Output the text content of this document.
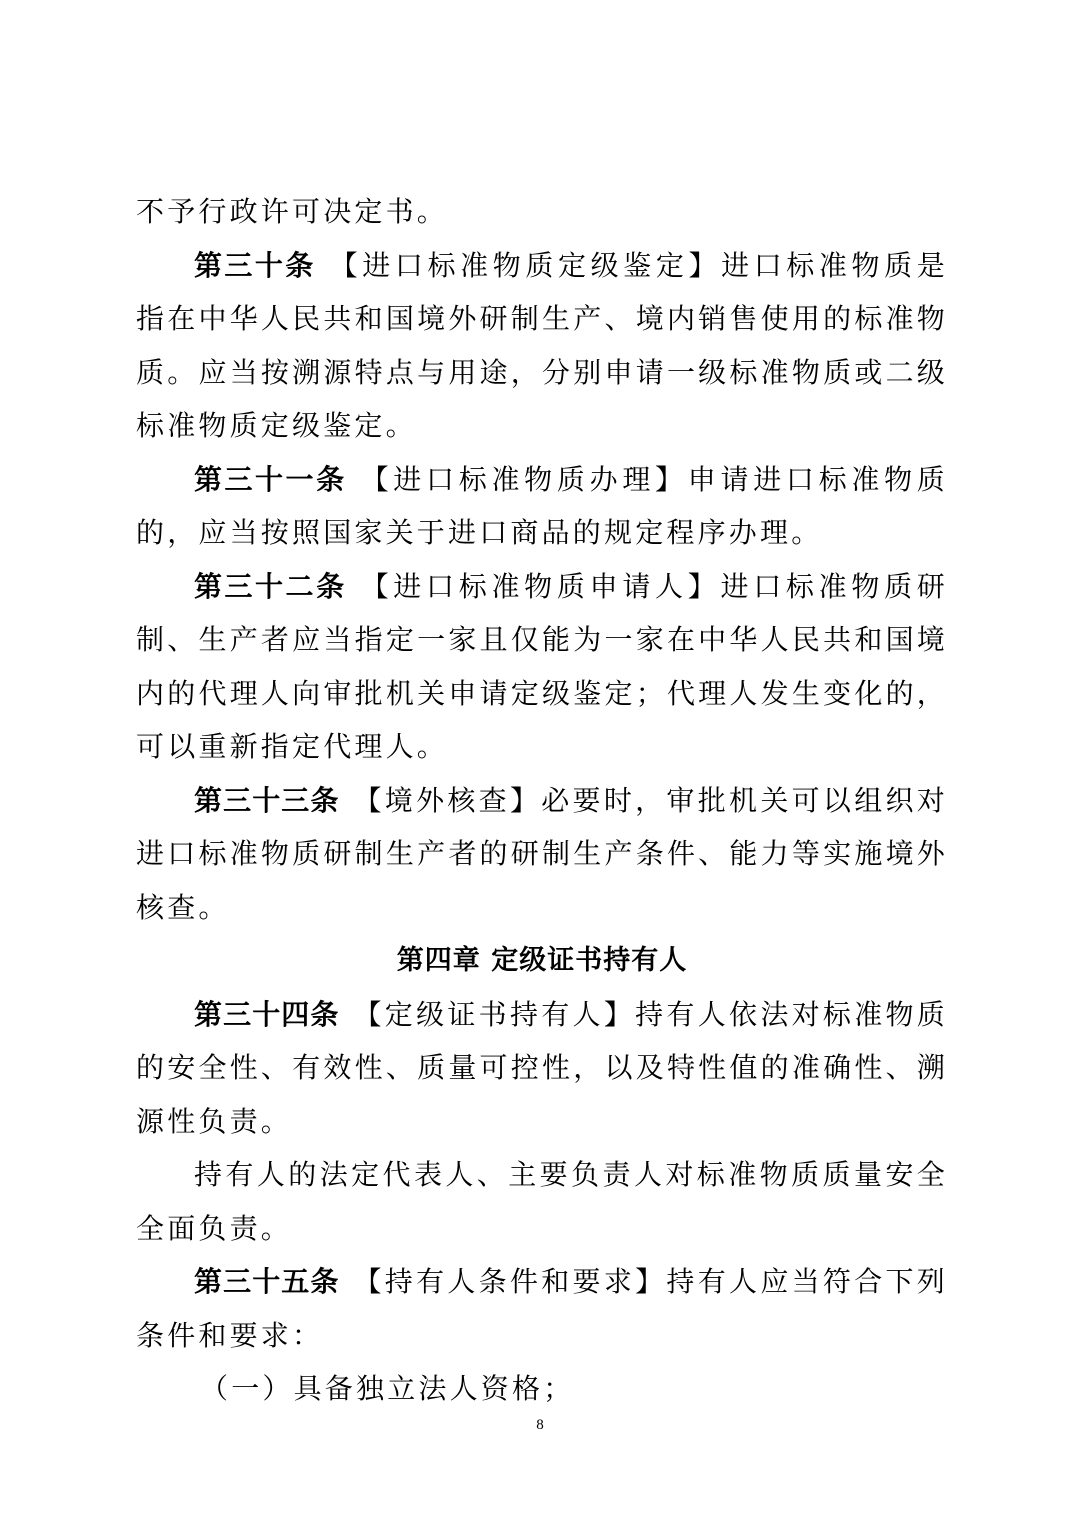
不予行政许可决定书。

第三十条 【进口标准物质定级鉴定】进口标准物质是指在中华人民共和国境外研制生产、境内销售使用的标准物质。应当按溯源特点与用途，分别申请一级标准物质或二级标准物质定级鉴定。

第三十一条 【进口标准物质办理】申请进口标准物质的，应当按照国家关于进口商品的规定程序办理。

第三十二条 【进口标准物质申请人】进口标准物质研制、生产者应当指定一家且仅能为一家在中华人民共和国境内的代理人向审批机关申请定级鉴定；代理人发生变化的，可以重新指定代理人。

第三十三条 【境外核查】必要时，审批机关可以组织对进口标准物质研制生产者的研制生产条件、能力等实施境外核查。

第四章 定级证书持有人

第三十四条 【定级证书持有人】持有人依法对标准物质的安全性、有效性、质量可控性，以及特性值的准确性、溯源性负责。

持有人的法定代表人、主要负责人对标准物质质量安全全面负责。

第三十五条 【持有人条件和要求】持有人应当符合下列条件和要求：

（一）具备独立法人资格；

8
